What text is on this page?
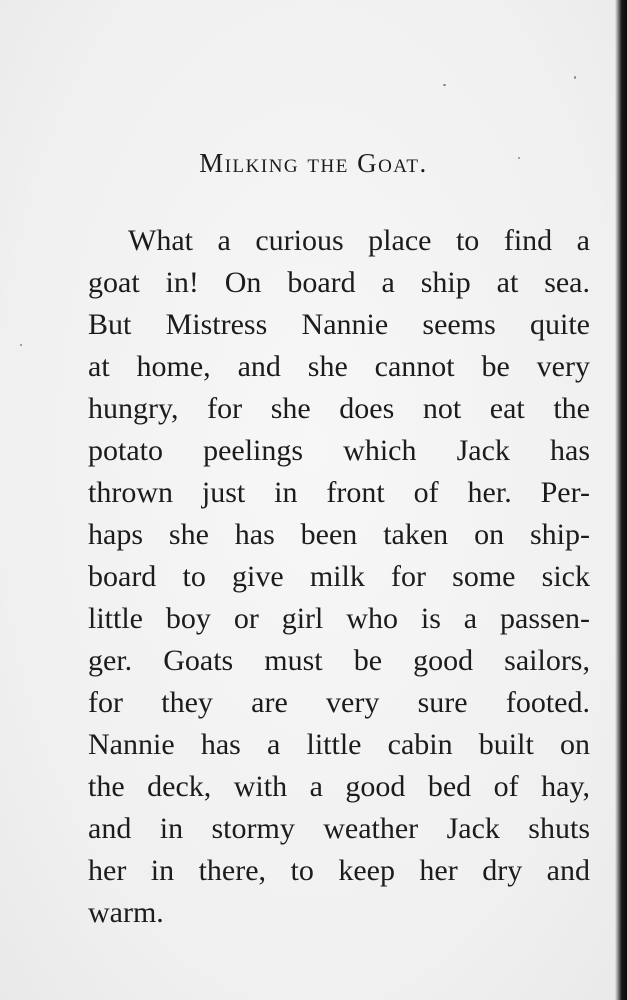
Milking the Goat.
What a curious place to find a
goat in! On board a ship at sea.
But Mistress Nannie seems quite
at home, and she cannot be very
hungry, for she does not eat the
potato peelings which Jack has
thrown just in front of her. Per-
haps she has been taken on ship-
board to give milk for some sick
little boy or girl who is a passen-
ger. Goats must be good sailors,
for they are very sure footed.
Nannie has a little cabin built on
the deck, with a good bed of hay,
and in stormy weather Jack shuts
her in there, to keep her dry and
warm.
